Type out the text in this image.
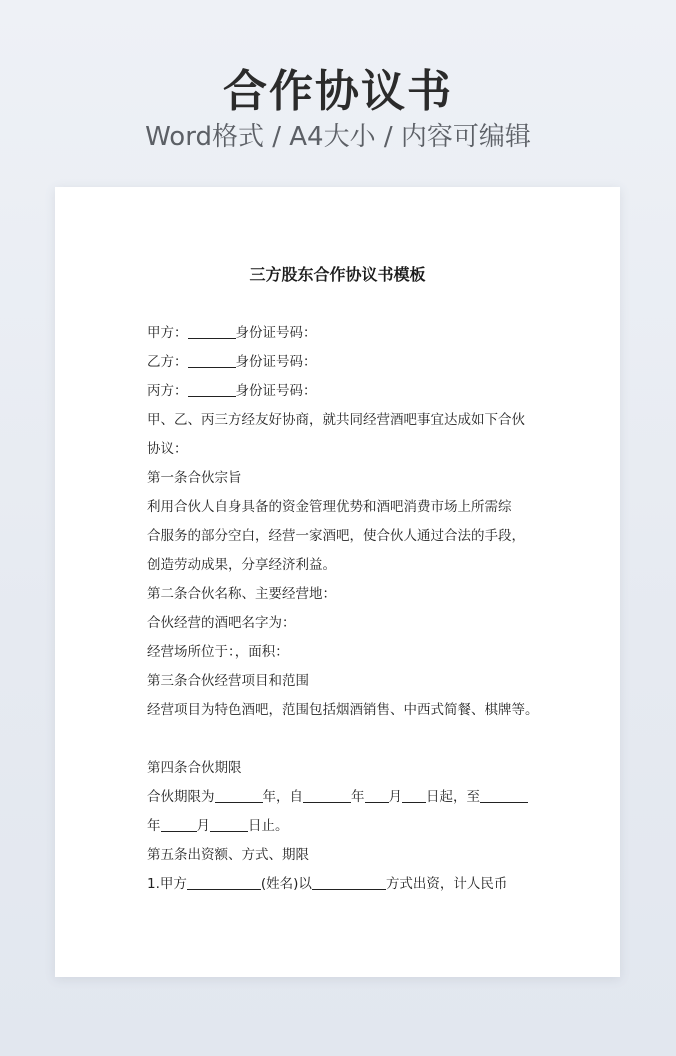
合作协议书
Word格式 / A4大小 / 内容可编辑
三方股东合作协议书模板
甲方：	身份证号码：
乙方：	身份证号码：
丙方：	身份证号码：
甲、乙、丙三方经友好协商，就共同经营酒吧事宜达成如下合伙
协议：
第一条合伙宗旨
利用合伙人自身具备的资金管理优势和酒吧消费市场上所需综
合服务的部分空白，经营一家酒吧，使合伙人通过合法的手段，
创造劳动成果，分享经济利益。
第二条合伙名称、主要经营地：
合伙经营的酒吧名字为：
经营场所位于：，面积：
第三条合伙经营项目和范围
经营项目为特色酒吧，范围包括烟酒销售、中西式简餐、棋牌等。
第四条合伙期限
合伙期限为	年，自	年 月 日起，至
年	月	日止。
第五条出资额、方式、期限
1.甲方	(姓名)以	方式出资，计人民币
